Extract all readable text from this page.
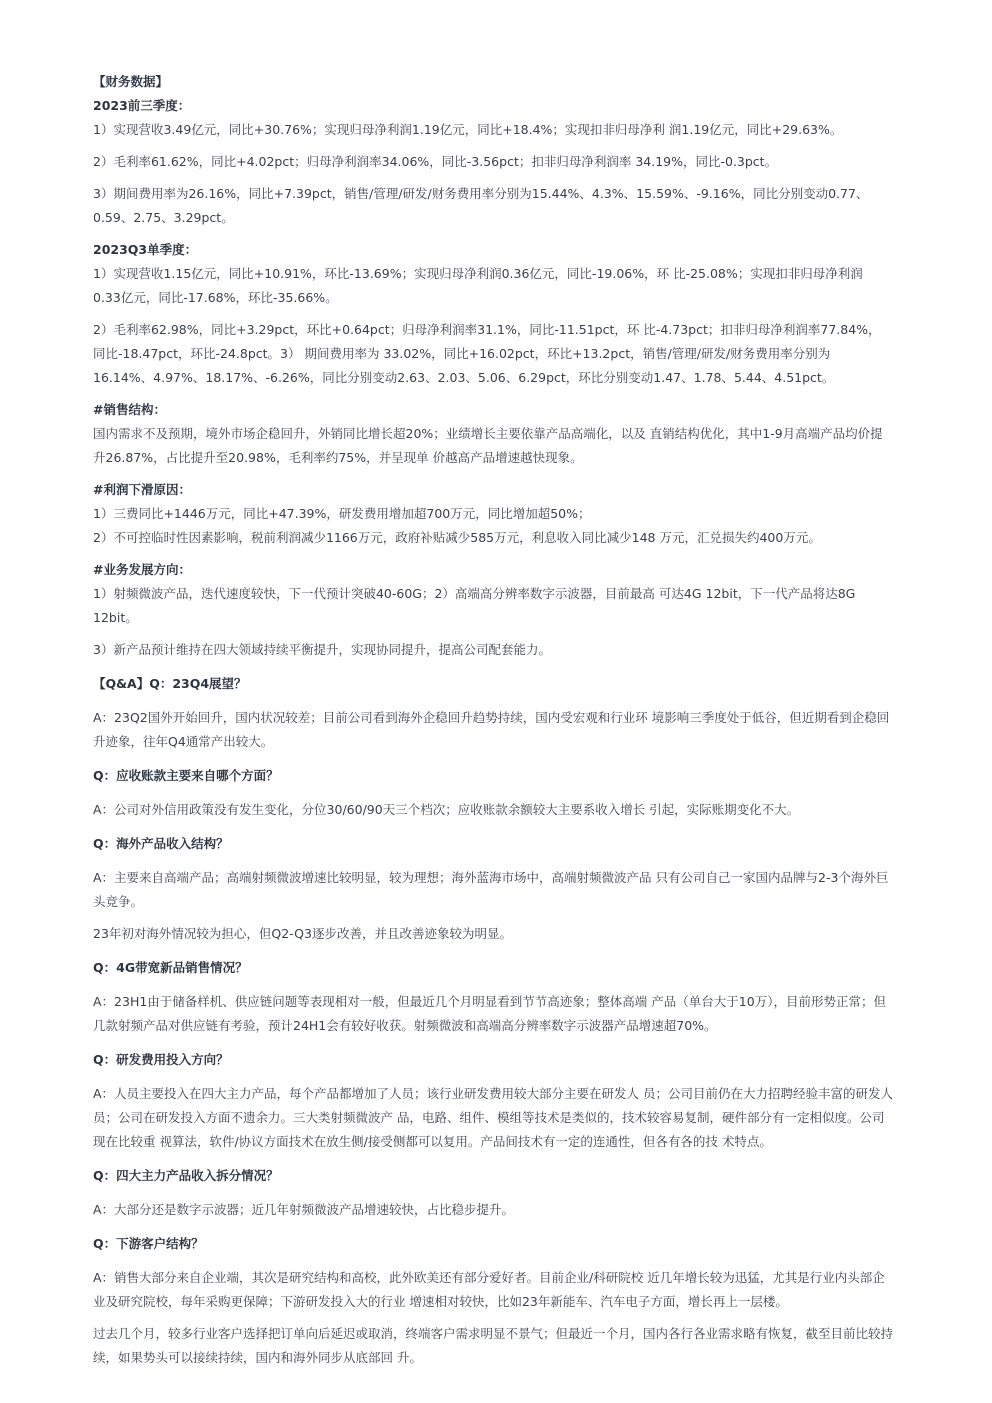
【财务数据】

2023前三季度：

1）实现营收3.49亿元，同比+30.76%；实现归母净利润1.19亿元，同比+18.4%；实现扣非归母净利 润1.19亿元，同比+29.63%。

2）毛利率61.62%，同比+4.02pct；归母净利润率34.06%，同比-3.56pct；扣非归母净利润率 34.19%，同比-0.3pct。

3）期间费用率为26.16%，同比+7.39pct，销售/管理/研发/财务费用率分别为15.44%、4.3%、15.59%、-9.16%，同比分别变动0.77、

0.59、2.75、3.29pct。

2023Q3单季度：

1）实现营收1.15亿元，同比+10.91%，环比-13.69%；实现归母净利润0.36亿元，同比-19.06%，环 比-25.08%；实现扣非归母净利润

0.33亿元，同比-17.68%，环比-35.66%。

2）毛利率62.98%，同比+3.29pct，环比+0.64pct；归母净利润率31.1%，同比-11.51pct，环 比-4.73pct；扣非归母净利润率77.84%，

同比-18.47pct，环比-24.8pct。3） 期间费用率为 33.02%，同比+16.02pct，环比+13.2pct，销售/管理/研发/财务费用率分别为

16.14%、4.97%、18.17%、-6.26%，同比分别变动2.63、2.03、5.06、6.29pct，环比分别变动1.47、1.78、5.44、4.51pct。

#销售结构：

国内需求不及预期，境外市场企稳回升，外销同比增长超20%；业绩增长主要依靠产品高端化，以及 直销结构优化，其中1-9月高端产品均价提

升26.87%，占比提升至20.98%，毛利率约75%，并呈现单 价越高产品增速越快现象。

#利润下滑原因：

1）三费同比+1446万元，同比+47.39%，研发费用增加超700万元，同比增加超50%；

2）不可控临时性因素影响，税前利润减少1166万元，政府补贴减少585万元，利息收入同比减少148 万元，汇兑损失约400万元。

#业务发展方向：

1）射频微波产品，迭代速度较快，下一代预计突破40-60G；2）高端高分辨率数字示波器，目前最高 可达4G 12bit，下一代产品将达8G

12bit。

3）新产品预计维持在四大领域持续平衡提升，实现协同提升，提高公司配套能力。

【Q&A】Q：23Q4展望？

A：23Q2国外开始回升，国内状况较差；目前公司看到海外企稳回升趋势持续，国内受宏观和行业环 境影响三季度处于低谷，但近期看到企稳回

升迹象，往年Q4通常产出较大。

Q：应收账款主要来自哪个方面？

A：公司对外信用政策没有发生变化，分位30/60/90天三个档次；应收账款余额较大主要系收入增长 引起，实际账期变化不大。

Q：海外产品收入结构？

A：主要来自高端产品；高端射频微波增速比较明显，较为理想；海外蓝海市场中，高端射频微波产品 只有公司自己一家国内品牌与2-3个海外巨

头竞争。

23年初对海外情况较为担心，但Q2-Q3逐步改善，并且改善迹象较为明显。

Q：4G带宽新品销售情况？

A：23H1由于储备样机、供应链问题等表现相对一般，但最近几个月明显看到节节高迹象；整体高端 产品（单台大于10万），目前形势正常；但

几款射频产品对供应链有考验，预计24H1会有较好收获。射频微波和高端高分辨率数字示波器产品增速超70%。

Q：研发费用投入方向？

A：人员主要投入在四大主力产品，每个产品都增加了人员；该行业研发费用较大部分主要在研发人 员；公司目前仍在大力招聘经验丰富的研发人

员；公司在研发投入方面不遗余力。三大类射频微波产 品，电路、组件、模组等技术是类似的，技术较容易复制，硬件部分有一定相似度。公司

现在比较重 视算法，软件/协议方面技术在放生侧/接受侧都可以复用。产品间技术有一定的连通性，但各有各的技 术特点。

Q：四大主力产品收入拆分情况？

A：大部分还是数字示波器；近几年射频微波产品增速较快，占比稳步提升。

Q：下游客户结构？

A：销售大部分来自企业端，其次是研究结构和高校，此外欧美还有部分爱好者。目前企业/科研院校 近几年增长较为迅猛，尤其是行业内头部企

业及研究院校，每年采购更保障；下游研发投入大的行业 增速相对较快，比如23年新能车、汽车电子方面，增长再上一层楼。

过去几个月，较多行业客户选择把订单向后延迟或取消，终端客户需求明显不景气；但最近一个月，国内各行各业需求略有恢复，截至目前比较持

续，如果势头可以接续持续，国内和海外同步从底部回 升。
